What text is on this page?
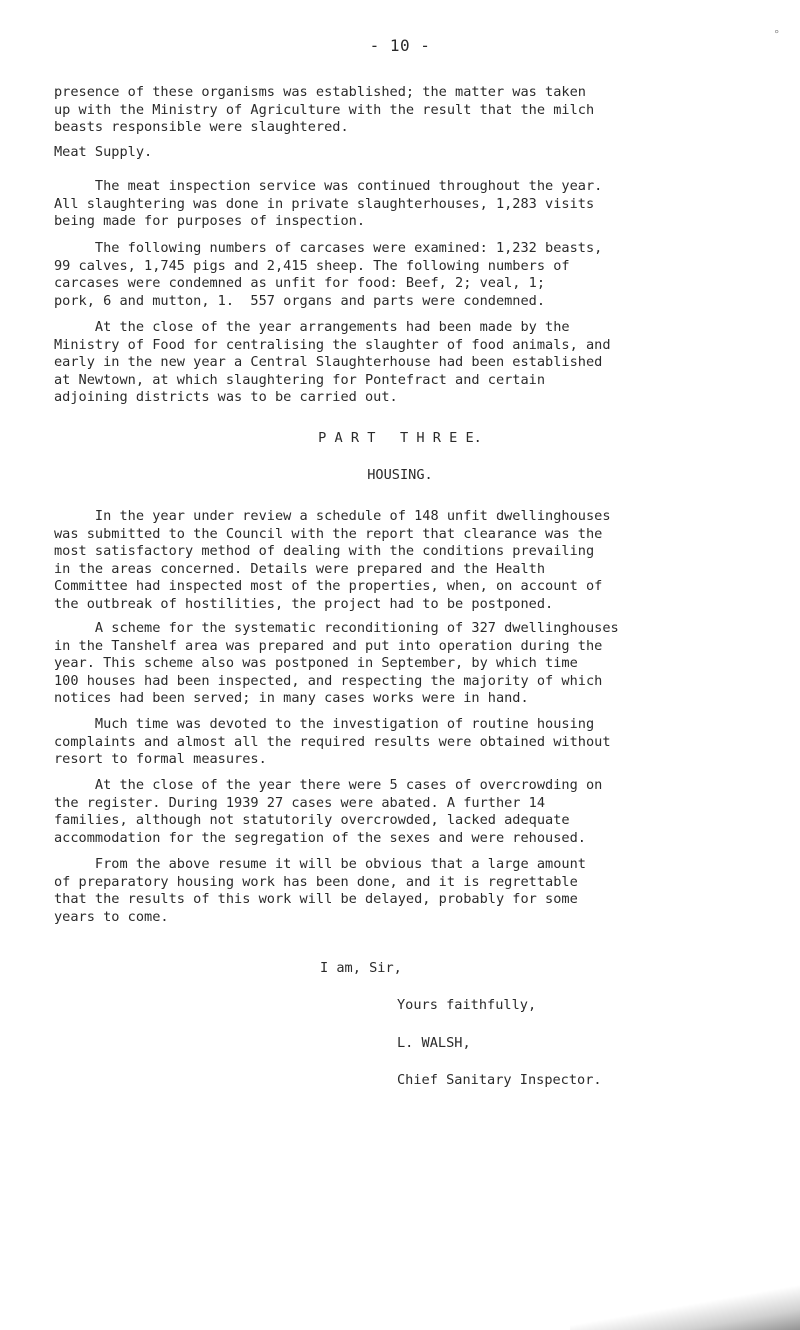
- 10 -
°

presence of these organisms was established; the matter was taken
up with the Ministry of Agriculture with the result that the milch
beasts responsible were slaughtered.

Meat Supply.

The meat inspection service was continued throughout the year.
All slaughtering was done in private slaughterhouses, 1,283 visits
being made for purposes of inspection.

The following numbers of carcases were examined: 1,232 beasts,
99 calves, 1,745 pigs and 2,415 sheep. The following numbers of
carcases were condemned as unfit for food: Beef, 2; veal, 1;
pork, 6 and mutton, 1.  557 organs and parts were condemned.

At the close of the year arrangements had been made by the
Ministry of Food for centralising the slaughter of food animals, and
early in the new year a Central Slaughterhouse had been established
at Newtown, at which slaughtering for Pontefract and certain
adjoining districts was to be carried out.

P A R T   T H R E E.

HOUSING.

In the year under review a schedule of 148 unfit dwellinghouses
was submitted to the Council with the report that clearance was the
most satisfactory method of dealing with the conditions prevailing
in the areas concerned. Details were prepared and the Health
Committee had inspected most of the properties, when, on account of
the outbreak of hostilities, the project had to be postponed.

A scheme for the systematic reconditioning of 327 dwellinghouses
in the Tanshelf area was prepared and put into operation during the
year. This scheme also was postponed in September, by which time
100 houses had been inspected, and respecting the majority of which
notices had been served; in many cases works were in hand.

Much time was devoted to the investigation of routine housing
complaints and almost all the required results were obtained without
resort to formal measures.

At the close of the year there were 5 cases of overcrowding on
the register. During 1939 27 cases were abated. A further 14
families, although not statutorily overcrowded, lacked adequate
accommodation for the segregation of the sexes and were rehoused.

From the above resume it will be obvious that a large amount
of preparatory housing work has been done, and it is regrettable
that the results of this work will be delayed, probably for some
years to come.

I am, Sir,

Yours faithfully,

L. WALSH,

Chief Sanitary Inspector.
